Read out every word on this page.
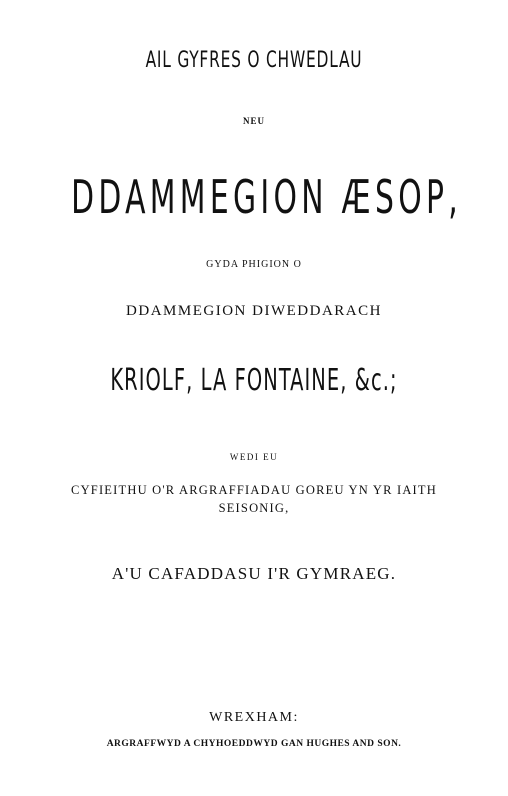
AIL GYFRES O CHWEDLAU
NEU
DDAMMEGION ÆSOP,
GYDA PHIGION O
DDAMMEGION DIWEDDARACH
KRIOLF, LA FONTAINE, &c.;
WEDI EU
CYFIEITHU O'R ARGRAFFIADAU GOREU YN YR IAITH
SEISONIG,
A'U CAFADDASU I'R GYMRAEG.
WREXHAM:
ARGRAFFWYD A CHYHOEDDWYD GAN HUGHES AND SON.
